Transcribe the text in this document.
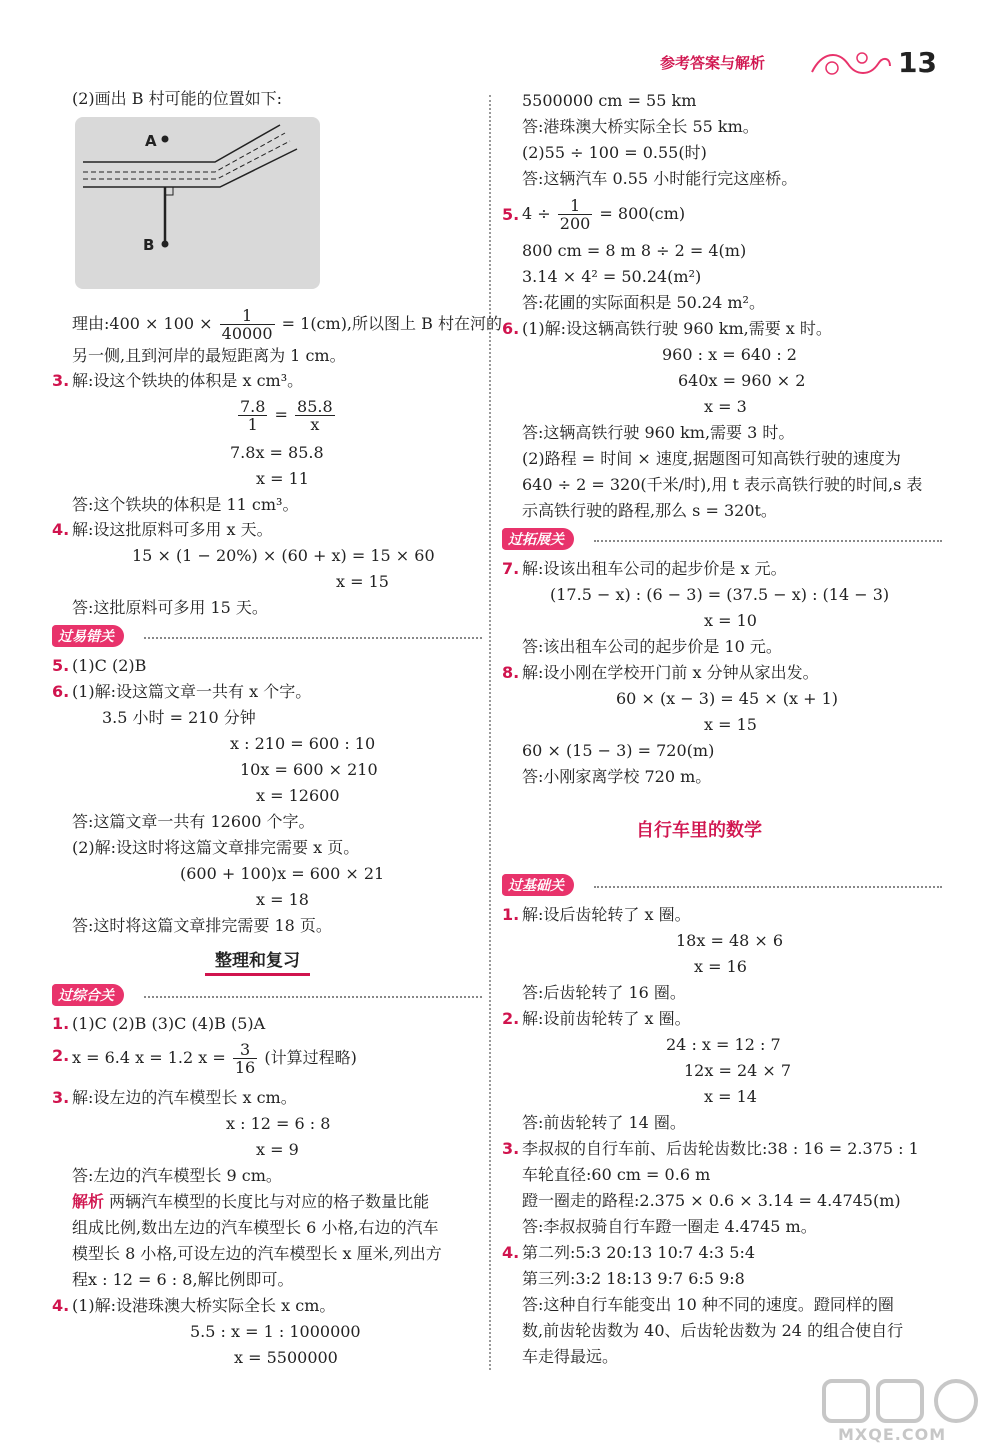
参考答案与解析	13
(2)画出 B 村可能的位置如下:
A
B
理由:400 × $100 \times \frac{1}{40000} = 1(cm)$,所以图上 B 村在河的
另一侧,且到河岸的最短距离为 1 cm。
3. 解:设这个铁块的体积是 x cm³。
$\frac{7.8}{1} = \frac{85.8}{x}$
7.8x = 85.8
x = 11
答:这个铁块的体积是 11 cm³。
4. 解:设这批原料可多用 x 天。
15 × (1 − 20%) × (60 + x) = 15 × 60
x = 15
答:这批原料可多用 15 天。
过易错关
5. (1)C (2)B
6. (1)解:设这篇文章一共有 x 个字。
3.5 小时 = 210 分钟
x : 210 = 600 : 10
10x = 600 × 210
x = 12600
答:这篇文章一共有 12600 个字。
(2)解:设这时将这篇文章排完需要 x 页。
(600 + 100)x = 600 × 21
x = 18
答:这时将这篇文章排完需要 18 页。
整理和复习
过综合关
1. (1)C (2)B (3)C (4)B (5)A
2. x = 6.4 x = 1.2 $x = \frac{3}{16}$ (计算过程略)
3. 解:设左边的汽车模型长 x cm。
x : 12 = 6 : 8
x = 9
答:左边的汽车模型长 9 cm。
解析 两辆汽车模型的长度比与对应的格子数量比能
组成比例,数出左边的汽车模型长 6 小格,右边的汽车
模型长 8 小格,可设左边的汽车模型长 x 厘米,列出方
程x : 12 = 6 : 8,解比例即可。
4. (1)解:设港珠澳大桥实际全长 x cm。
5.5 : x = 1 : 1000000
x = 5500000
5500000 cm = 55 km
答:港珠澳大桥实际全长 55 km。
(2)55 ÷ 100 = 0.55(时)
答:这辆汽车 0.55 小时能行完这座桥。
5. $4 \div \frac{1}{200} = 800(cm)$
800 cm = 8 m 8 ÷ 2 = 4(m)
3.14 × 4² = 50.24(m²)
答:花圃的实际面积是 50.24 m²。
6. (1)解:设这辆高铁行驶 960 km,需要 x 时。
960 : x = 640 : 2
640x = 960 × 2
x = 3
答:这辆高铁行驶 960 km,需要 3 时。
(2)路程 = 时间 × 速度,据题图可知高铁行驶的速度为
640 ÷ 2 = 320(千米/时),用 t 表示高铁行驶的时间,s 表
示高铁行驶的路程,那么 s = 320t。
过拓展关
7. 解:设该出租车公司的起步价是 x 元。
(17.5 − x) : (6 − 3) = (37.5 − x) : (14 − 3)
x = 10
答:该出租车公司的起步价是 10 元。
8. 解:设小刚在学校开门前 x 分钟从家出发。
60 × (x − 3) = 45 × (x + 1)
x = 15
60 × (15 − 3) = 720(m)
答:小刚家离学校 720 m。
自行车里的数学
过基础关
1. 解:设后齿轮转了 x 圈。
18x = 48 × 6
x = 16
答:后齿轮转了 16 圈。
2. 解:设前齿轮转了 x 圈。
24 : x = 12 : 7
12x = 24 × 7
x = 14
答:前齿轮转了 14 圈。
3. 李叔叔的自行车前、后齿轮齿数比:38 : 16 = 2.375 : 1
车轮直径:60 cm = 0.6 m
蹬一圈走的路程:2.375 × 0.6 × 3.14 = 4.4745(m)
答:李叔叔骑自行车蹬一圈走 4.4745 m。
4. 第二列:5:3 20:13 10:7 4:3 5:4
第三列:3:2 18:13 9:7 6:5 9:8
答:这种自行车能变出 10 种不同的速度。蹬同样的圈
数,前齿轮齿数为 40、后齿轮齿数为 24 的组合使自行
车走得最远。
MXQE.COM
